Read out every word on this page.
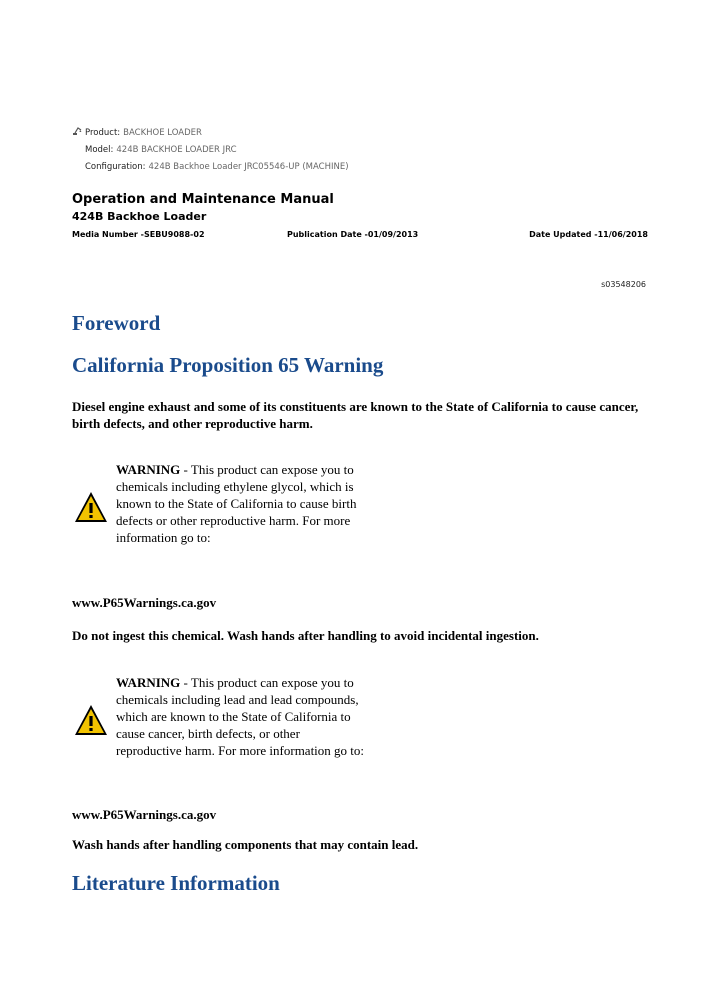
Product: BACKHOE LOADER
Model: 424B BACKHOE LOADER JRC
Configuration: 424B Backhoe Loader JRC05546-UP (MACHINE)
Operation and Maintenance Manual
424B Backhoe Loader
Media Number -SEBU9088-02	Publication Date -01/09/2013	Date Updated -11/06/2018
s03548206
Foreword
California Proposition 65 Warning

Diesel engine exhaust and some of its constituents are known to the State of California to cause cancer, birth defects, and other reproductive harm.

WARNING - This product can expose you to chemicals including ethylene glycol, which is known to the State of California to cause birth defects or other reproductive harm. For more information go to:

www.P65Warnings.ca.gov

Do not ingest this chemical. Wash hands after handling to avoid incidental ingestion.

WARNING - This product can expose you to chemicals including lead and lead compounds, which are known to the State of California to cause cancer, birth defects, or other reproductive harm. For more information go to:

www.P65Warnings.ca.gov

Wash hands after handling components that may contain lead.

Literature Information
